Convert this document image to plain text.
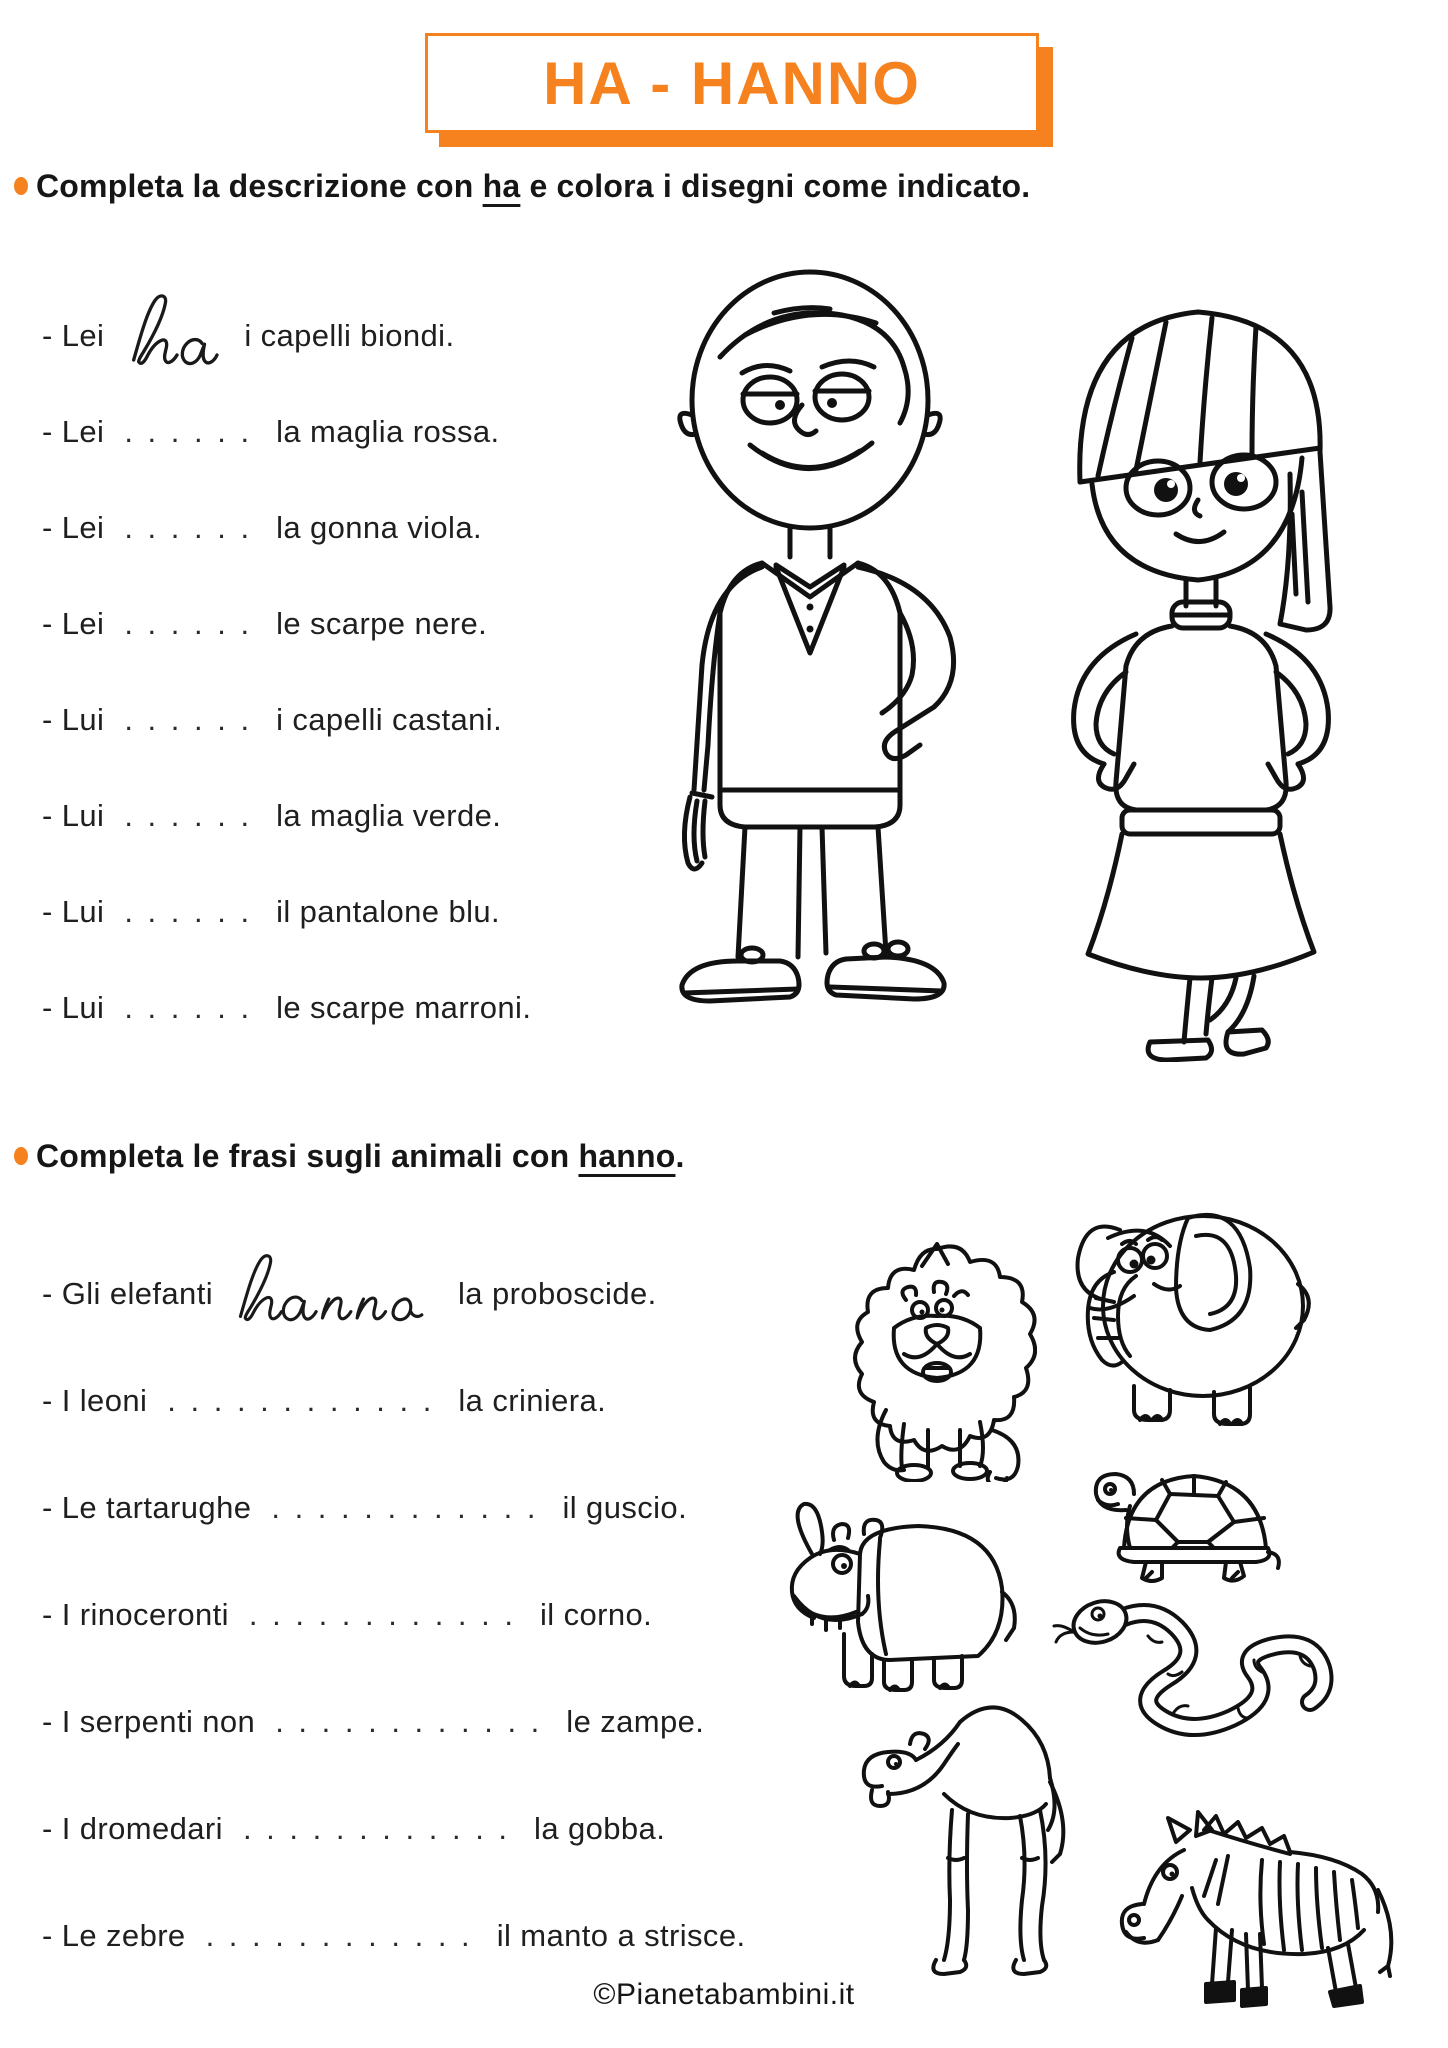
HA - HANNO
Completa la descrizione con ha e colora i disegni come indicato.
- Lei	i capelli biondi.
- Lei . . . . . . la maglia rossa.
- Lei . . . . . . la gonna viola.
- Lei . . . . . . le scarpe nere.
- Lui . . . . . . i capelli castani.
- Lui . . . . . . la maglia verde.
- Lui . . . . . . il pantalone blu.
- Lui . . . . . . le scarpe marroni.
Completa le frasi sugli animali con hanno.
- Gli elefanti	la proboscide.
- I leoni . . . . . . . . . . . . la criniera.
- Le tartarughe . . . . . . . . . . . . il guscio.
- I rinoceronti . . . . . . . . . . . . il corno.
- I serpenti non . . . . . . . . . . . . le zampe.
- I dromedari . . . . . . . . . . . . la gobba.
- Le zebre . . . . . . . . . . . . il manto a strisce.
©Pianetabambini.it
